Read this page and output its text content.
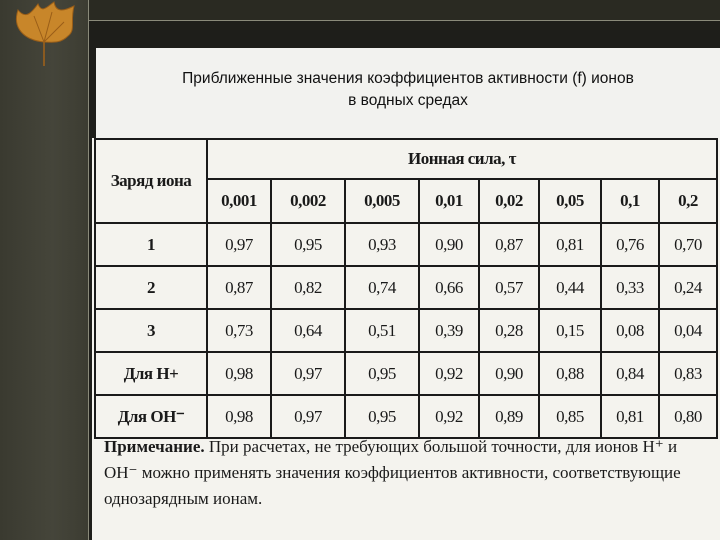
Приближенные значения коэффициентов активности (f) ионов
в водных средах
Заряд иона	Ионная сила, τ							
	0,001	0,002	0,005	0,01	0,02	0,05	0,1	0,2
1	0,97	0,95	0,93	0,90	0,87	0,81	0,76	0,70
2	0,87	0,82	0,74	0,66	0,57	0,44	0,33	0,24
3	0,73	0,64	0,51	0,39	0,28	0,15	0,08	0,04
Для Н+	0,98	0,97	0,95	0,92	0,90	0,88	0,84	0,83
Для ОН⁻	0,98	0,97	0,95	0,92	0,89	0,85	0,81	0,80
Примечание. При расчетах, не требующих большой точности, для ионов Н⁺ и ОН⁻ можно применять значения коэффициентов активности, соответствующие однозарядным ионам.
